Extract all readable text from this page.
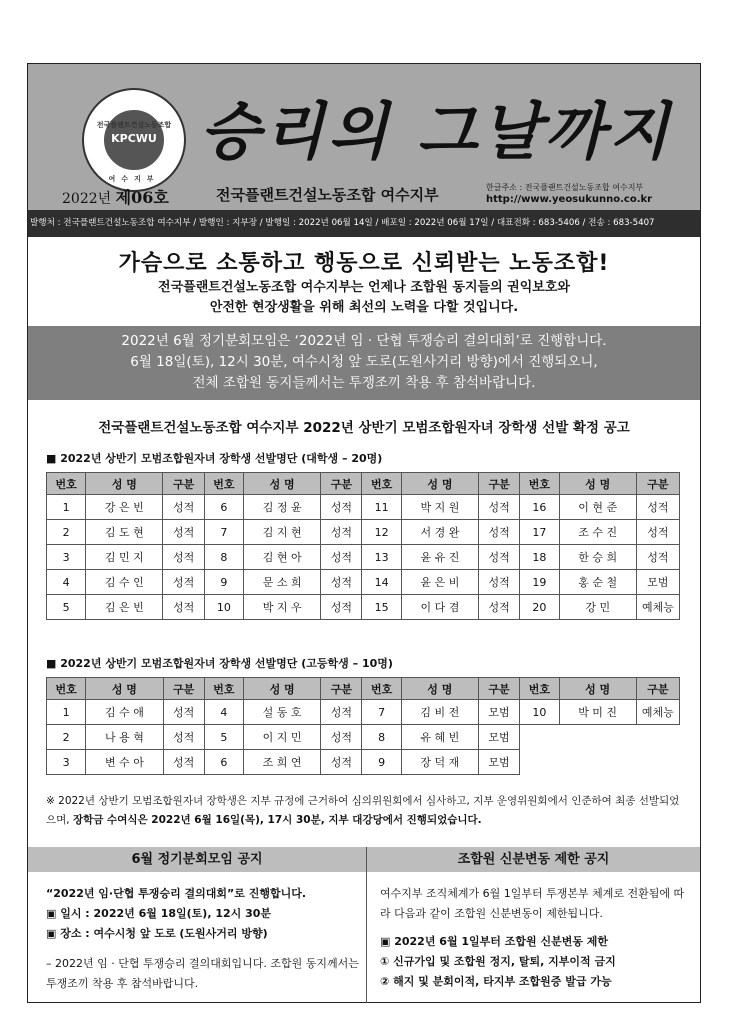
전국플랜트건설노동조합
KPCWU
여수지부
승리의 그날까지
2022년 제06호	전국플랜트건설노동조합 여수지부	한글주소 : 전국플랜트건설노동조합 여수지부
http://www.yeosukunno.co.kr
발행처 : 전국플랜트건설노동조합 여수지부 / 발행인 : 지부장 / 발행일 : 2022년 06월 14일 / 배포일 : 2022년 06월 17일 / 대표전화 : 683-5406 / 전송 : 683-5407
가슴으로 소통하고 행동으로 신뢰받는 노동조합!
전국플랜트건설노동조합 여수지부는 언제나 조합원 동지들의 권익보호와
안전한 현장생활을 위해 최선의 노력을 다할 것입니다.
2022년 6월 정기분회모임은 ‘2022년 임 · 단협 투쟁승리 결의대회’로 진행합니다.
6월 18일(토), 12시 30분, 여수시청 앞 도로(도원사거리 방향)에서 진행되오니,
전체 조합원 동지들께서는 투쟁조끼 착용 후 참석바랍니다.
전국플랜트건설노동조합 여수지부 2022년 상반기 모범조합원자녀 장학생 선발 확정 공고
■ 2022년 상반기 모범조합원자녀 장학생 선발명단 (대학생 – 20명)
번호	성 명	구분	번호	성 명	구분	번호	성 명	구분	번호	성 명	구분
1	강 은 빈	성적	6	김 정 윤	성적	11	박 지 원	성적	16	이 현 준	성적
2	김 도 현	성적	7	김 지 현	성적	12	서 경 완	성적	17	조 수 진	성적
3	김 민 지	성적	8	김 현 아	성적	13	윤 유 진	성적	18	한 승 희	성적
4	김 수 인	성적	9	문 소 희	성적	14	윤 은 비	성적	19	홍 순 철	모범
5	김 은 빈	성적	10	박 지 우	성적	15	이 다 겸	성적	20	강 민	예체능
■ 2022년 상반기 모범조합원자녀 장학생 선발명단 (고등학생 – 10명)
번호	성 명	구분	번호	성 명	구분	번호	성 명	구분	번호	성 명	구분
1	김 수 애	성적	4	설 동 호	성적	7	김 비 전	모범	10	박 미 진	예체능
2	나 용 혁	성적	5	이 지 민	성적	8	유 혜 빈	모범			
3	변 수 아	성적	6	조 희 연	성적	9	장 덕 재	모범			
※ 2022년 상반기 모범조합원자녀 장학생은 지부 규정에 근거하여 심의위원회에서 심사하고, 지부 운영위원회에서 인준하여 최종 선발되었으며, 장학금 수여식은 2022년 6월 16일(목), 17시 30분, 지부 대강당에서 진행되었습니다.
6월 정기분회모임 공지	조합원 신분변동 제한 공지
“2022년 임·단협 투쟁승리 결의대회”로 진행합니다.
▣ 일시 : 2022년 6월 18일(토), 12시 30분
▣ 장소 : 여수시청 앞 도로 (도원사거리 방향)
– 2022년 임 · 단협 투쟁승리 결의대회입니다. 조합원 동지께서는 투쟁조끼 착용 후 참석바랍니다.
여수지부 조직체계가 6월 1일부터 투쟁본부 체계로 전환됨에 따라 다음과 같이 조합원 신분변동이 제한됩니다.
▣ 2022년 6월 1일부터 조합원 신분변동 제한
① 신규가입 및 조합원 정지, 탈퇴, 지부이적 금지
② 해지 및 분회이적, 타지부 조합원증 발급 가능
